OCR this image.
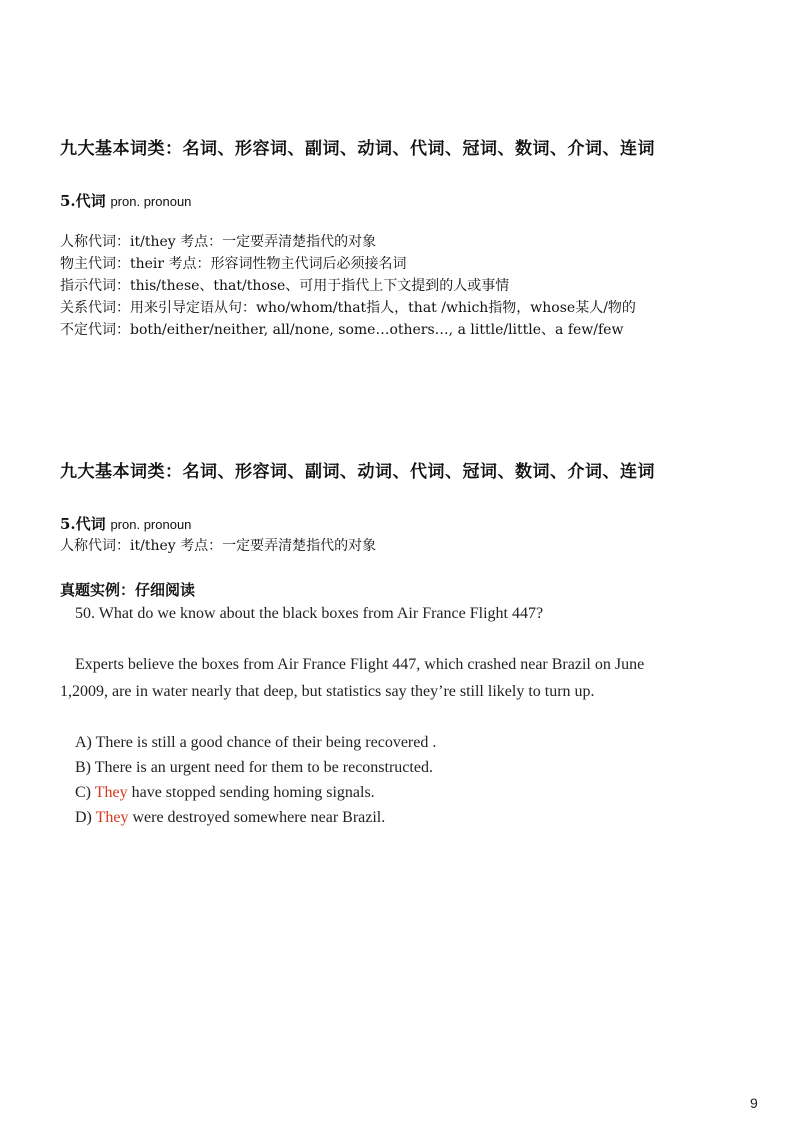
九大基本词类：名词、形容词、副词、动词、代词、冠词、数词、介词、连词
5.代词 pron. pronoun
人称代词：it/they 考点：一定要弄清楚指代的对象
物主代词：their 考点：形容词性物主代词后必须接名词
指示代词：this/these、that/those、可用于指代上下文提到的人或事情
关系代词：用来引导定语从句：who/whom/that指人，that /which指物，whose某人/物的
不定代词：both/either/neither, all/none, some…others…, a little/little、a few/few
九大基本词类：名词、形容词、副词、动词、代词、冠词、数词、介词、连词
5.代词 pron. pronoun
人称代词：it/they 考点：一定要弄清楚指代的对象
真题实例：仔细阅读
50. What do we know about the black boxes from Air France Flight 447?
Experts believe the boxes from Air France Flight 447, which crashed near Brazil on June
1,2009, are in water nearly that deep, but statistics say they’re still likely to turn up.
A) There is still a good chance of their being recovered .
B) There is an urgent need for them to be reconstructed.
C) They have stopped sending homing signals.
D) They were destroyed somewhere near Brazil.
9
